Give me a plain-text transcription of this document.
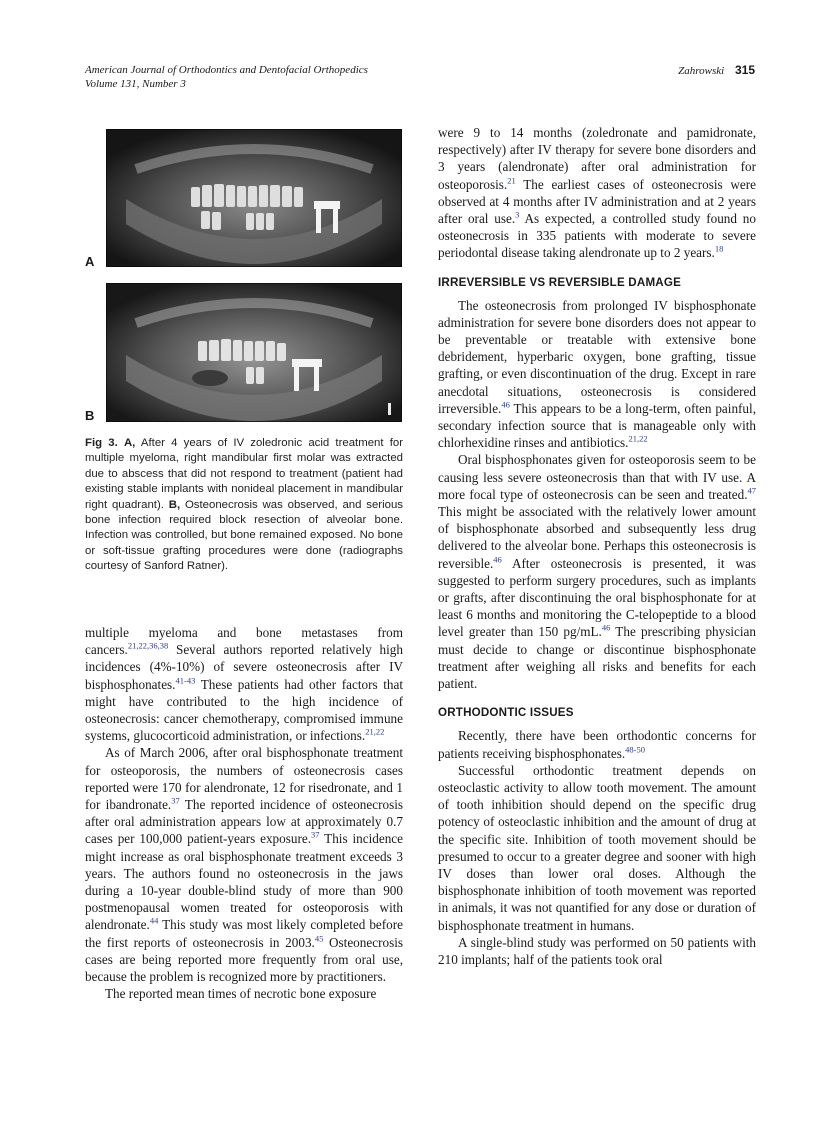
American Journal of Orthodontics and Dentofacial Orthopedics
Volume 131, Number 3
Zahrowski 315
A
B
Fig 3. A, After 4 years of IV zoledronic acid treatment for multiple myeloma, right mandibular first molar was extracted due to abscess that did not respond to treatment (patient had existing stable implants with nonideal placement in mandibular right quadrant). B, Osteonecrosis was observed, and serious bone infection required block resection of alveolar bone. Infection was controlled, but bone remained exposed. No bone or soft-tissue grafting procedures were done (radiographs courtesy of Sanford Ratner).

multiple myeloma and bone metastases from cancers.$^{21,22,36,38}$ Several authors reported relatively high incidences (4%-10%) of severe osteonecrosis after IV bisphosphonates.$^{41-43}$ These patients had other factors that might have contributed to the high incidence of osteonecrosis: cancer chemotherapy, compromised immune systems, glucocorticoid administration, or infections.$^{21,22}$

As of March 2006, after oral bisphosphonate treatment for osteoporosis, the numbers of osteonecrosis cases reported were 170 for alendronate, 12 for risedronate, and 1 for ibandronate.$^{37}$ The reported incidence of osteonecrosis after oral administration appears low at approximately 0.7 cases per 100,000 patient-years exposure.$^{37}$ This incidence might increase as oral bisphosphonate treatment exceeds 3 years. The authors found no osteonecrosis in the jaws during a 10-year double-blind study of more than 900 postmenopausal women treated for osteoporosis with alendronate.$^{44}$ This study was most likely completed before the first reports of osteonecrosis in 2003.45 Osteonecrosis cases are being reported more frequently from oral use, because the problem is recognized more by practitioners.

The reported mean times of necrotic bone exposure

were 9 to 14 months (zoledronate and pamidronate, respectively) after IV therapy for severe bone disorders and 3 years (alendronate) after oral administration for osteoporosis.$^{21}$ The earliest cases of osteonecrosis were observed at 4 months after IV administration and at 2 years after oral use.$^3$ As expected, a controlled study found no osteonecrosis in 335 patients with moderate to severe periodontal disease taking alendronate up to 2 years.$^{18}$

IRREVERSIBLE VS REVERSIBLE DAMAGE

The osteonecrosis from prolonged IV bisphosphonate administration for severe bone disorders does not appear to be preventable or treatable with extensive bone debridement, hyperbaric oxygen, bone grafting, tissue grafting, or even discontinuation of the drug. Except in rare anecdotal situations, osteonecrosis is considered irreversible.$^{46}$ This appears to be a long-term, often painful, secondary infection source that is manageable only with chlorhexidine rinses and antibiotics.$^{21,22}$

Oral bisphosphonates given for osteoporosis seem to be causing less severe osteonecrosis than that with IV use. A more focal type of osteonecrosis can be seen and treated.$^{47}$ This might be associated with the relatively lower amount of bisphosphonate absorbed and subsequently less drug delivered to the alveolar bone. Perhaps this osteonecrosis is reversible.$^{46}$ After osteonecrosis is presented, it was suggested to perform surgery procedures, such as implants or grafts, after discontinuing the oral bisphosphonate for at least 6 months and monitoring the C-telopeptide to a blood level greater than 150 pg/mL.$^{46}$ The prescribing physician must decide to change or discontinue bisphosphonate treatment after weighing all risks and benefits for each patient.

ORTHODONTIC ISSUES

Recently, there have been orthodontic concerns for patients receiving bisphosphonates.$^{48-50}$

Successful orthodontic treatment depends on osteoclastic activity to allow tooth movement. The amount of tooth inhibition should depend on the specific drug potency of osteoclastic inhibition and the amount of drug at the specific site. Inhibition of tooth movement should be presumed to occur to a greater degree and sooner with high IV doses than lower oral doses. Although the bisphosphonate inhibition of tooth movement was reported in animals, it was not quantified for any dose or duration of bisphosphonate treatment in humans.

A single-blind study was performed on 50 patients with 210 implants; half of the patients took oral
